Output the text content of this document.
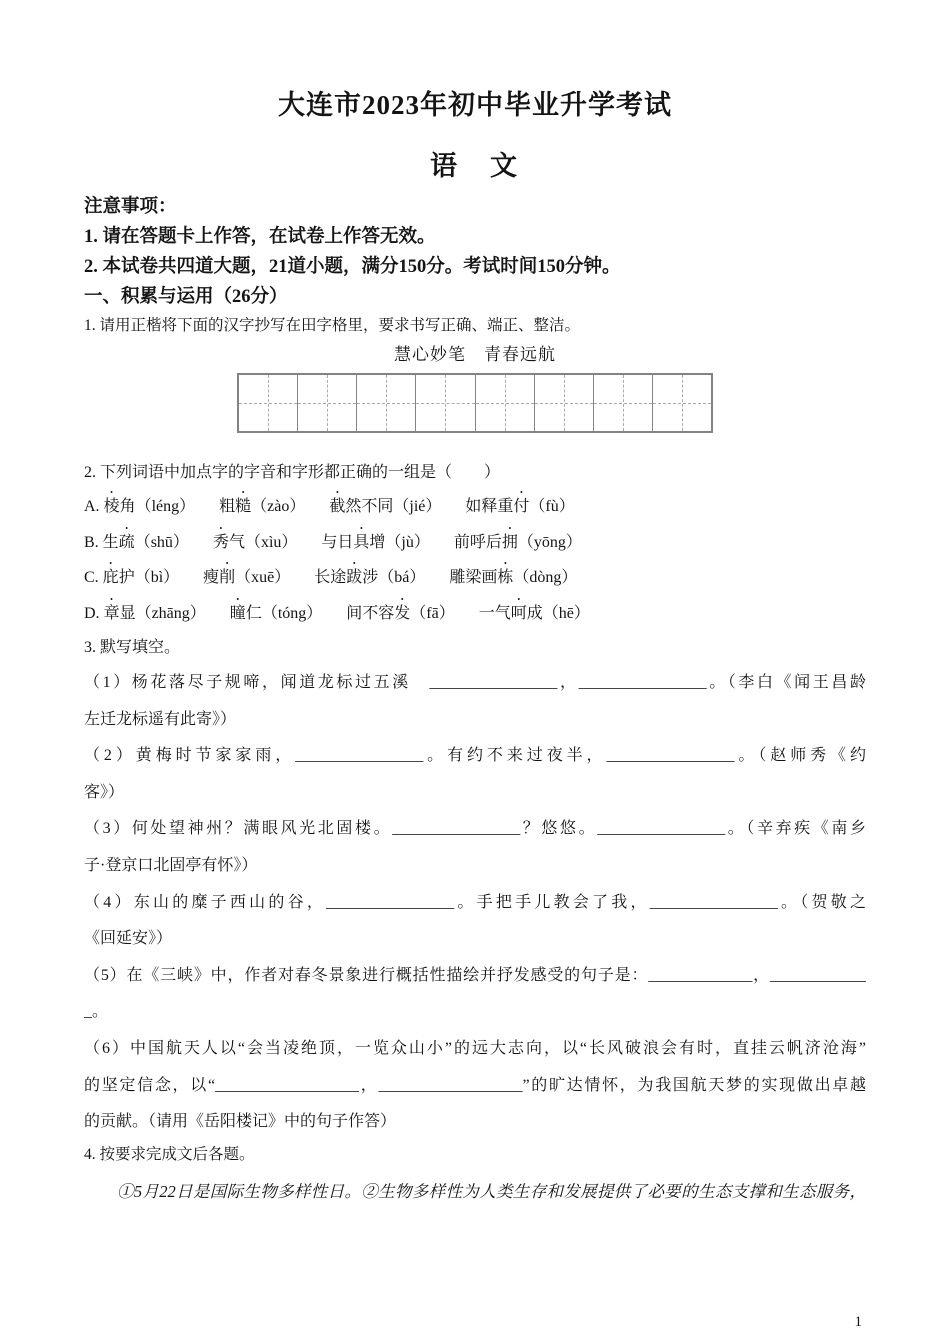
大连市2023年初中毕业升学考试
语　文
注意事项：
1. 请在答题卡上作答，在试卷上作答无效。
2. 本试卷共四道大题，21道小题，满分150分。考试时间150分钟。
一、积累与运用（26分）
1. 请用正楷将下面的汉字抄写在田字格里，要求书写正确、端正、整洁。
慧心妙笔　青春远航
2. 下列词语中加点字的字音和字形都正确的一组是（　　）
A. 棱角（léng）　　粗糙（zào）　　截然不同（jié）　　如释重付（fù）
B. 生疏（shū）　　秀气（xìu）　　与日具增（jù）　　前呼后拥（yōng）
C. 庇护（bì）　　瘦削（xuē）　　长途跋涉（bá）　　雕梁画栋（dòng）
D. 章显（zhāng）　　瞳仁（tóng）　　间不容发（fā）　　一气呵成（hē）
3. 默写填空。
（1）杨花落尽子规啼，闻道龙标过五溪　________________，________________。（李白《闻王昌龄
左迁龙标遥有此寄》）
（2）黄梅时节家家雨，________________。有约不来过夜半，________________。（赵师秀《约
客》）
（3）何处望神州？满眼风光北固楼。________________？悠悠。________________。（辛弃疾《南乡
子·登京口北固亭有怀》）
（4）东山的糜子西山的谷，________________。手把手儿教会了我，________________。（贺敬之
《回延安》）
（5）在《三峡》中，作者对春冬景象进行概括性描绘并抒发感受的句子是：_____________，____________
_。
（6）中国航天人以“会当凌绝顶，一览众山小”的远大志向，以“长风破浪会有时，直挂云帆济沧海”
的坚定信念，以“__________________，__________________”的旷达情怀，为我国航天梦的实现做出卓越
的贡献。（请用《岳阳楼记》中的句子作答）
4. 按要求完成文后各题。
①5月22日是国际生物多样性日。②生物多样性为人类生存和发展提供了必要的生态支撑和生态服务，
1
